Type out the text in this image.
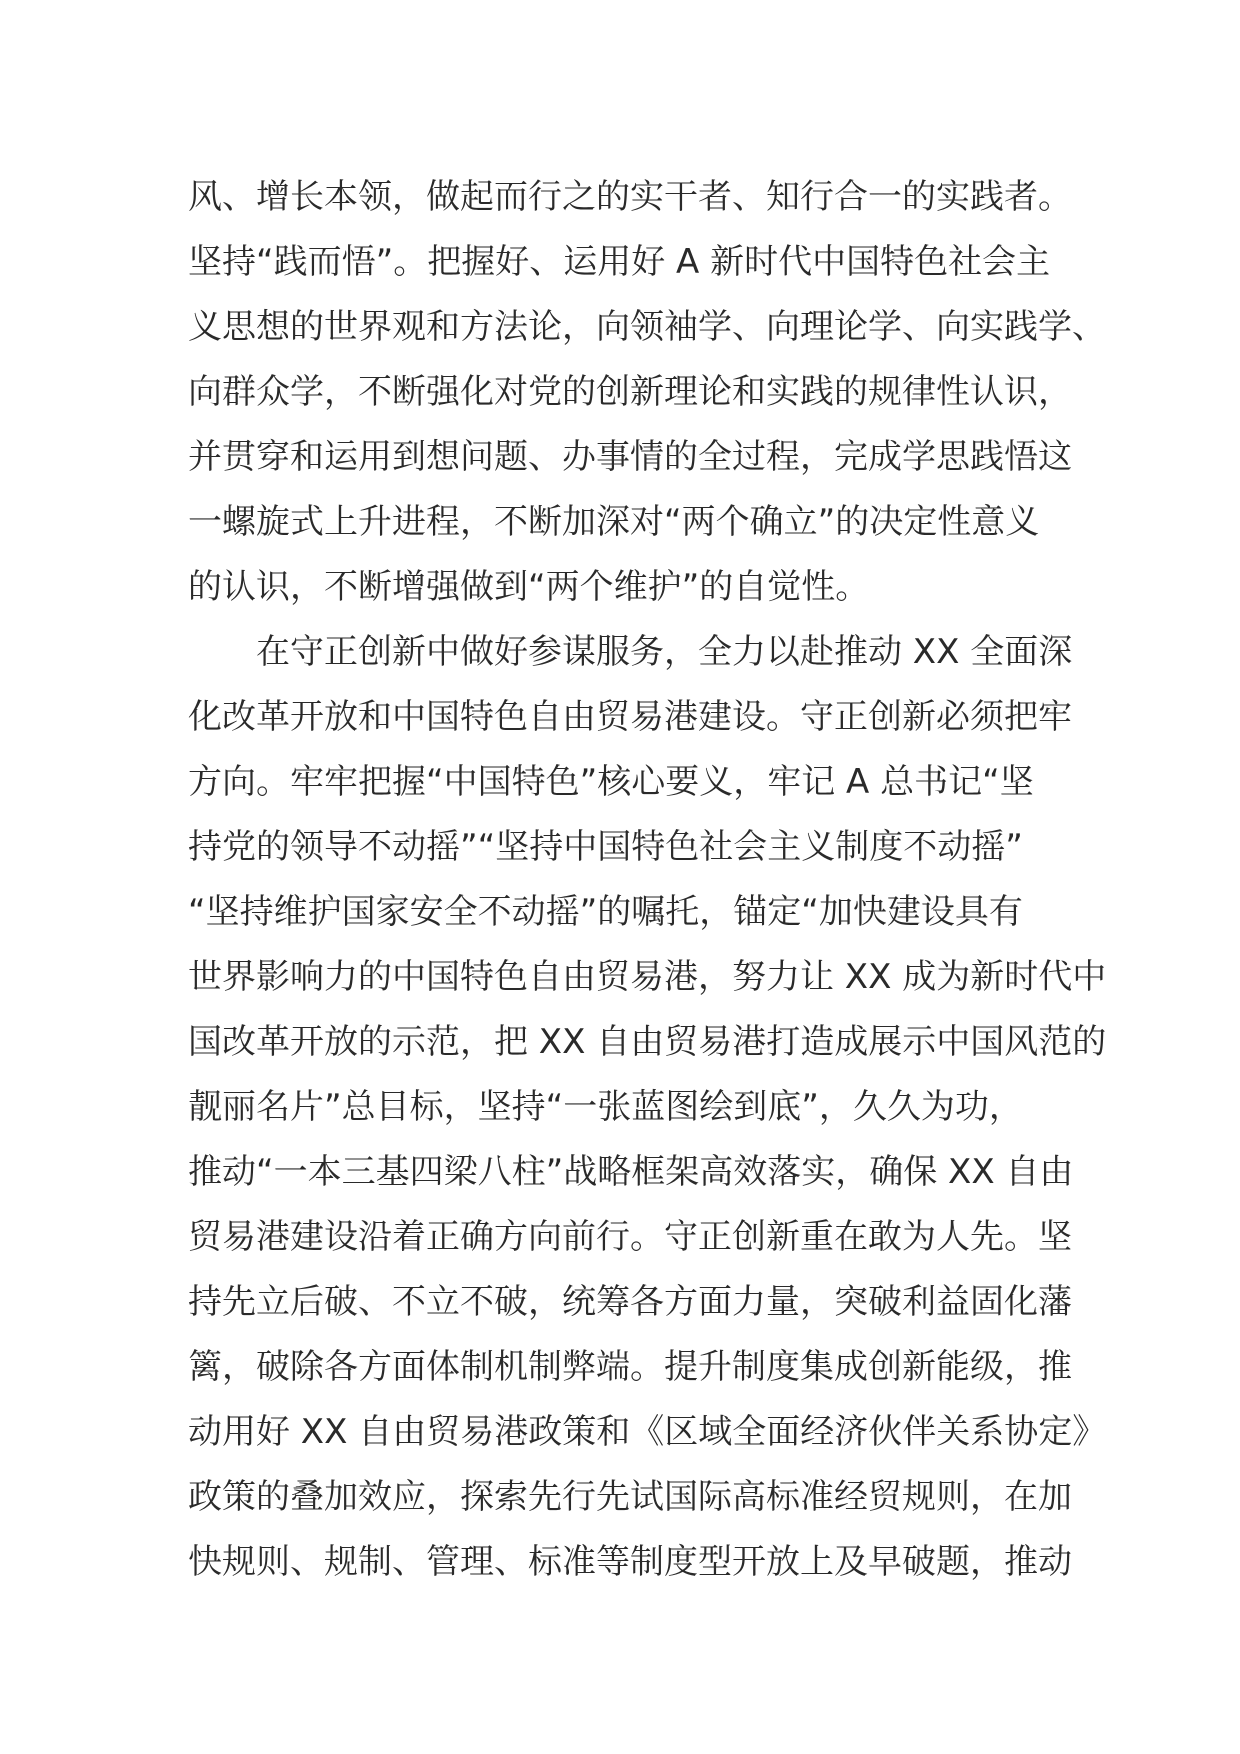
风、增长本领，做起而行之的实干者、知行合一的实践者。
坚持“践而悟”。把握好、运用好 A 新时代中国特色社会主
义思想的世界观和方法论，向领袖学、向理论学、向实践学、
向群众学，不断强化对党的创新理论和实践的规律性认识，
并贯穿和运用到想问题、办事情的全过程，完成学思践悟这
一螺旋式上升进程，不断加深对“两个确立”的决定性意义
的认识，不断增强做到“两个维护”的自觉性。
在守正创新中做好参谋服务，全力以赴推动 XX 全面深
化改革开放和中国特色自由贸易港建设。守正创新必须把牢
方向。牢牢把握“中国特色”核心要义，牢记 A 总书记“坚
持党的领导不动摇”“坚持中国特色社会主义制度不动摇”
“坚持维护国家安全不动摇”的嘱托，锚定“加快建设具有
世界影响力的中国特色自由贸易港，努力让 XX 成为新时代中
国改革开放的示范，把 XX 自由贸易港打造成展示中国风范的
靓丽名片”总目标，坚持“一张蓝图绘到底”，久久为功，
推动“一本三基四梁八柱”战略框架高效落实，确保 XX 自由
贸易港建设沿着正确方向前行。守正创新重在敢为人先。坚
持先立后破、不立不破，统筹各方面力量，突破利益固化藩
篱，破除各方面体制机制弊端。提升制度集成创新能级，推
动用好 XX 自由贸易港政策和《区域全面经济伙伴关系协定》
政策的叠加效应，探索先行先试国际高标准经贸规则，在加
快规则、规制、管理、标准等制度型开放上及早破题，推动
